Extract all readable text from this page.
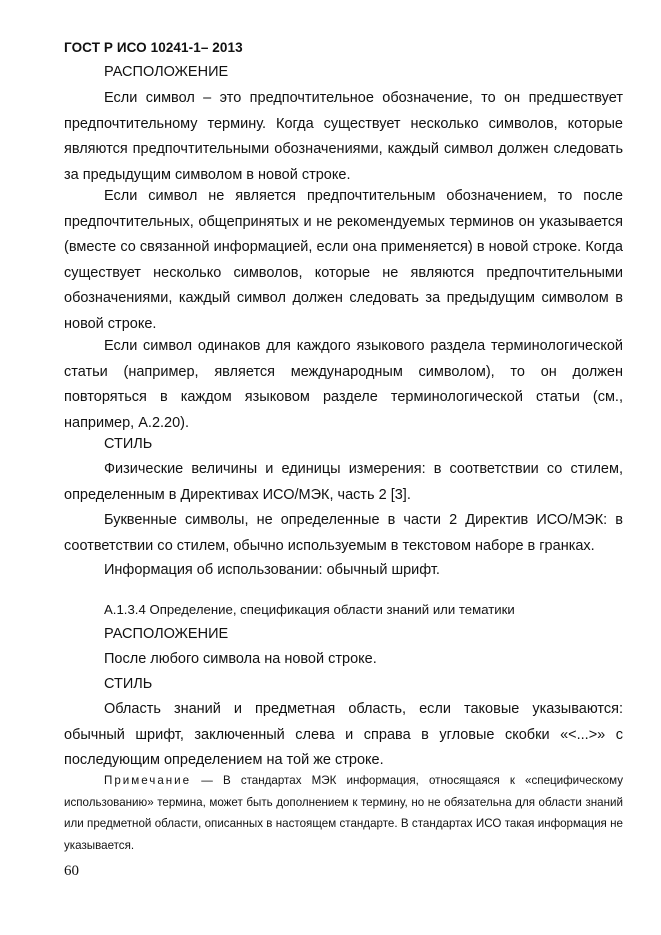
ГОСТ Р ИСО 10241-1– 2013
РАСПОЛОЖЕНИЕ
Если символ – это предпочтительное обозначение, то он предшествует предпочтительному термину. Когда существует несколько символов, которые являются предпочтительными обозначениями, каждый символ должен следовать за предыдущим символом в новой строке.
Если символ не является предпочтительным обозначением, то после предпочтительных, общепринятых и не рекомендуемых терминов он указывается (вместе со связанной информацией, если она применяется) в новой строке. Когда существует несколько символов, которые не являются предпочтительными обозначениями, каждый символ должен следовать за предыдущим символом в новой строке.
Если символ одинаков для каждого языкового раздела терминологической статьи (например, является международным символом), то он должен повторяться в каждом языковом разделе терминологической статьи (см., например, А.2.20).
СТИЛЬ
Физические величины и единицы измерения: в соответствии со стилем, определенным в Директивах ИСО/МЭК, часть 2 [3].
Буквенные символы, не определенные в части 2 Директив ИСО/МЭК: в соответствии со стилем, обычно используемым в текстовом наборе в гранках.
Информация об использовании: обычный шрифт.
А.1.3.4 Определение, спецификация области знаний или тематики
РАСПОЛОЖЕНИЕ
После любого символа на новой строке.
СТИЛЬ
Область знаний и предметная область, если таковые указываются: обычный шрифт, заключенный слева и справа в угловые скобки «<...>» с последующим определением на той же строке.
Примечание — В стандартах МЭК информация, относящаяся к «специфическому использованию» термина, может быть дополнением к термину, но не обязательна для области знаний или предметной области, описанных в настоящем стандарте. В стандартах ИСО такая информация не указывается.
60
